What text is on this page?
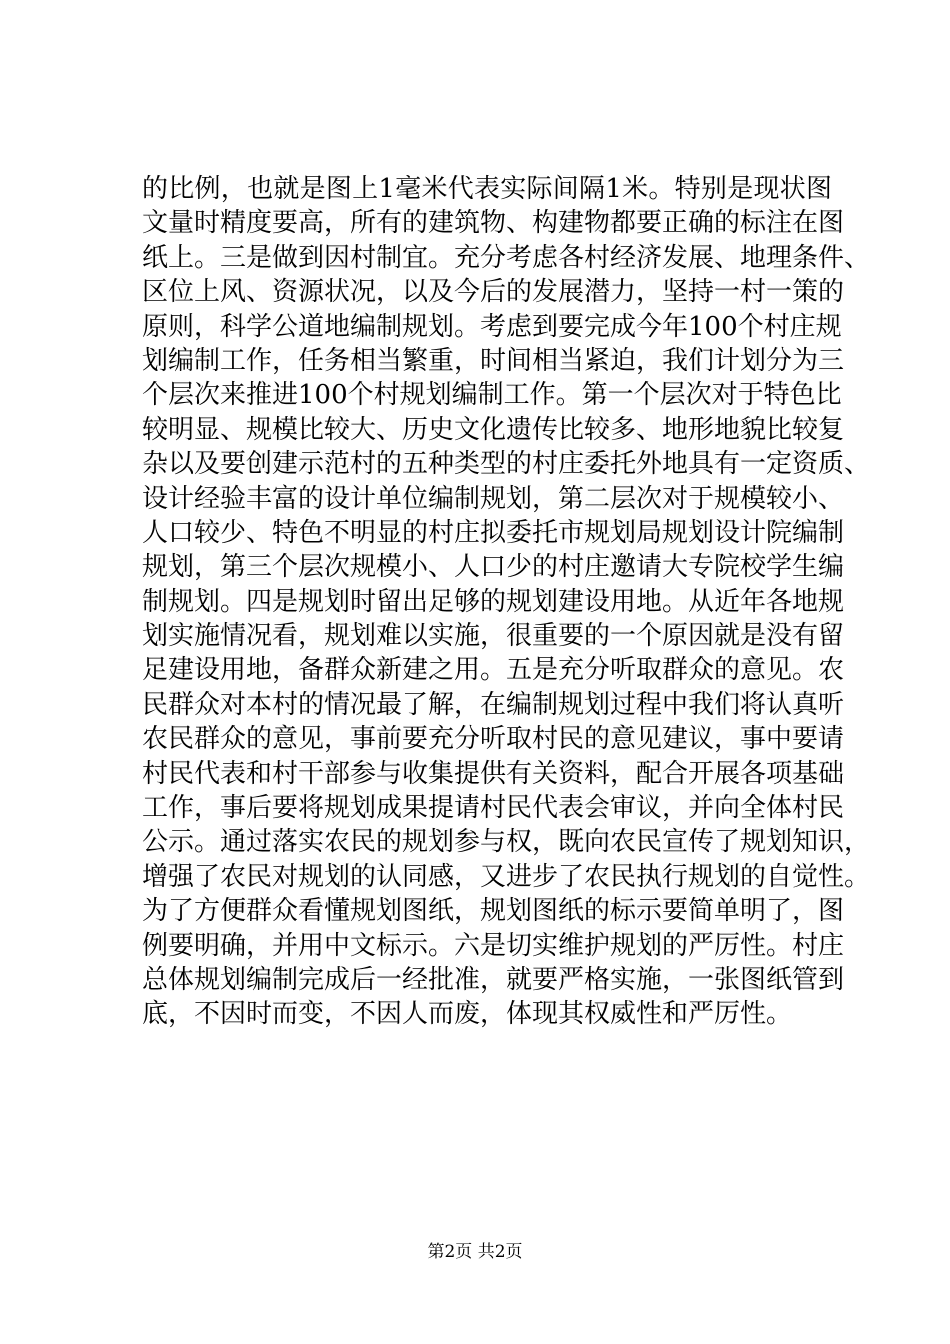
的比例，也就是图上1毫米代表实际间隔1米。特别是现状图
文量时精度要高，所有的建筑物、构建物都要正确的标注在图
纸上。三是做到因村制宜。充分考虑各村经济发展、地理条件、
区位上风、资源状况，以及今后的发展潜力，坚持一村一策的
原则，科学公道地编制规划。考虑到要完成今年100个村庄规
划编制工作，任务相当繁重，时间相当紧迫，我们计划分为三
个层次来推进100个村规划编制工作。第一个层次对于特色比
较明显、规模比较大、历史文化遗传比较多、地形地貌比较复
杂以及要创建示范村的五种类型的村庄委托外地具有一定资质、
设计经验丰富的设计单位编制规划，第二层次对于规模较小、
人口较少、特色不明显的村庄拟委托市规划局规划设计院编制
规划，第三个层次规模小、人口少的村庄邀请大专院校学生编
制规划。四是规划时留出足够的规划建设用地。从近年各地规
划实施情况看，规划难以实施，很重要的一个原因就是没有留
足建设用地，备群众新建之用。五是充分听取群众的意见。农
民群众对本村的情况最了解，在编制规划过程中我们将认真听
农民群众的意见，事前要充分听取村民的意见建议，事中要请
村民代表和村干部参与收集提供有关资料，配合开展各项基础
工作，事后要将规划成果提请村民代表会审议，并向全体村民
公示。通过落实农民的规划参与权，既向农民宣传了规划知识，
增强了农民对规划的认同感，又进步了农民执行规划的自觉性。
为了方便群众看懂规划图纸，规划图纸的标示要简单明了，图
例要明确，并用中文标示。六是切实维护规划的严厉性。村庄
总体规划编制完成后一经批准，就要严格实施，一张图纸管到
底，不因时而变，不因人而废，体现其权威性和严厉性。
第2页 共2页
